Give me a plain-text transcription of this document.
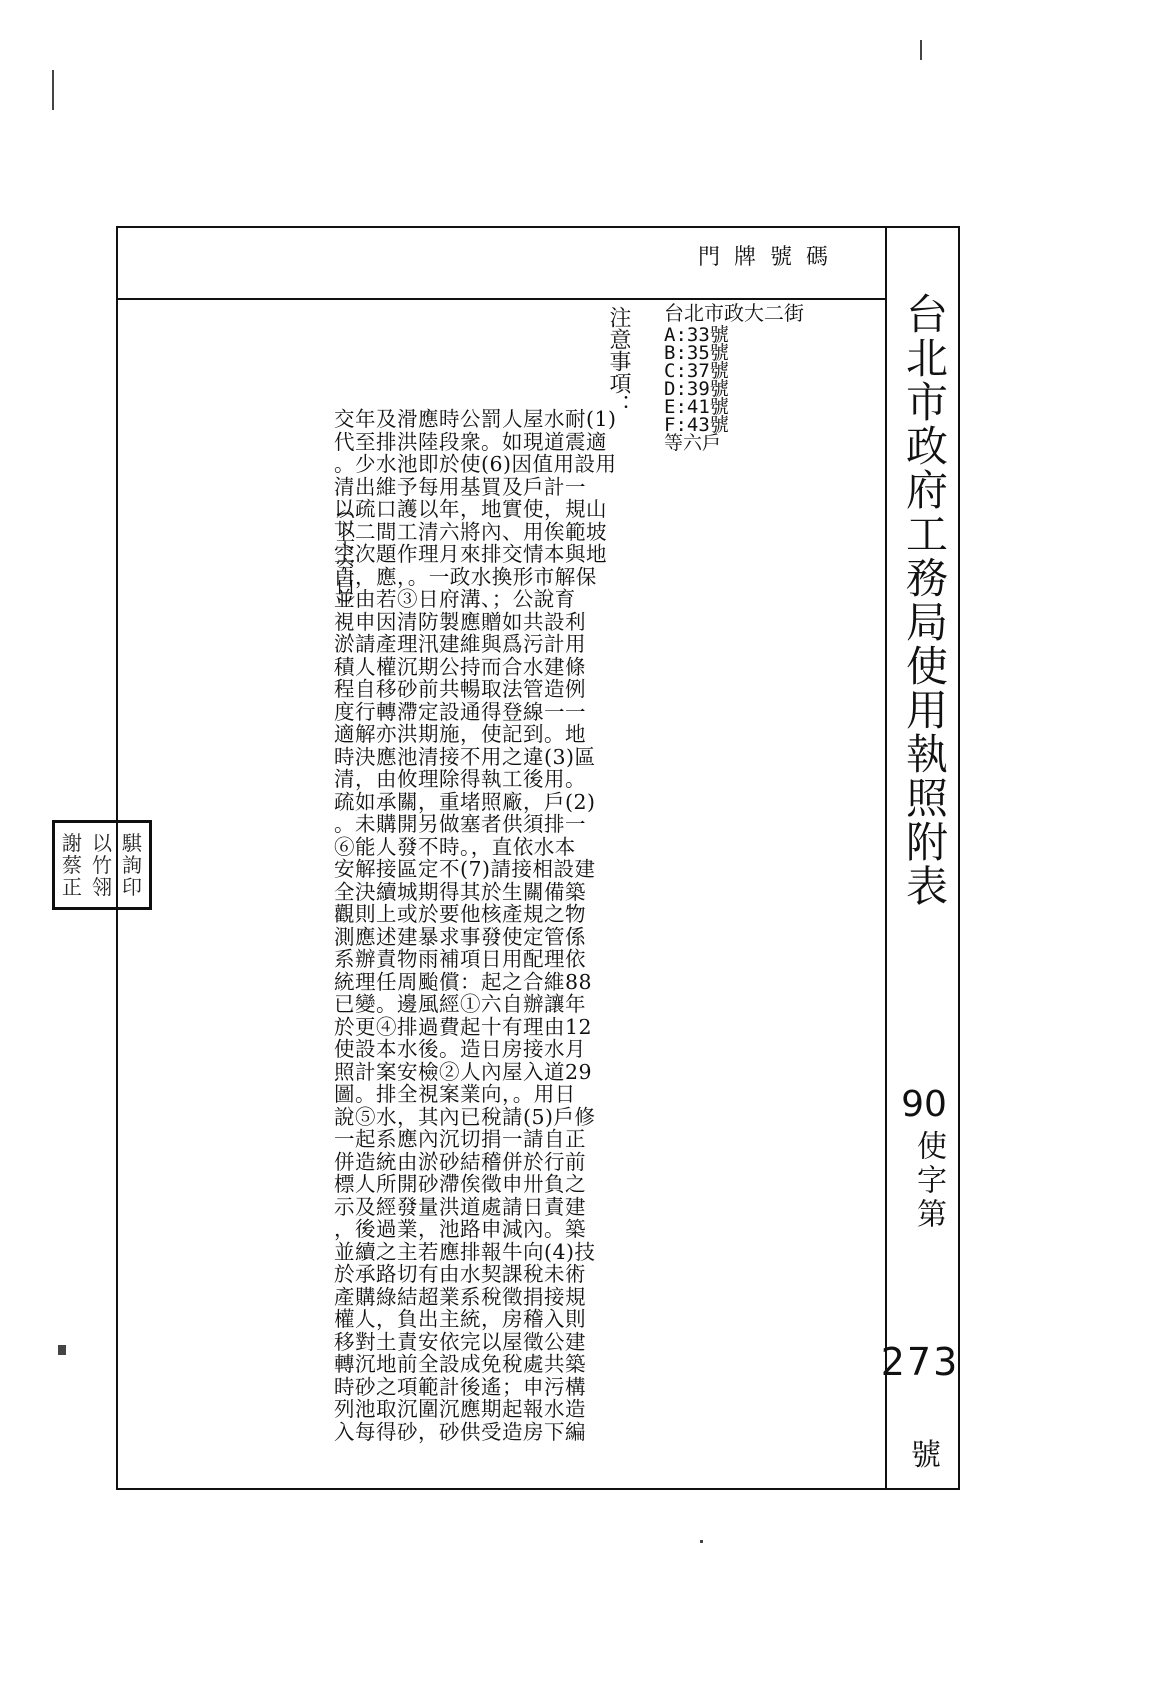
門牌號碼
台北市政府工務局使用執照附表
90
使字第
273
號
台北市政大二街
A:33號
B:35號
C:37號
D:39號
E:41號
F:43號
等六戶
注意事項：
交年及滑應時公罰人屋水耐(1)
代至排洪陸段衆。如現道震適
。少水池即於使(6)因值用設用
清出維予每用基買及戶計一
以疏口護以年，地實使，規山
下二間工清六將內、用俟範坡
空次題作理月來排交情本與地
白，應，。一政水換形市解保
並由若③日府溝、；公說育
視申因清防製應贈如共設利
淤請產理汛建維與爲污計用
積人權沉期公持而合水建條
程自移砂前共暢取法管造例
度行轉滯定設通得登線一一
適解亦洪期施，使記到。地
時決應池清接不用之違(3)區
清，由攸理除得執工後用。
疏如承關，重堵照廠，戶(2)
。未購開另做塞者供須排一
⑥能人發不時。，直依水本
安解接區定不(7)請接相設建
全決續城期得其於生關備築
觀則上或於要他核產規之物
測應述建暴求事發使定管係
系辦責物雨補項日用配理依
統理任周颱償：起之合維88
已變。邊風經①六自辦讓年
於更④排過費起十有理由12
使設本水後。造日房接水月
照計案安檢②人內屋入道29
圖。排全視案業向，。用日
說⑤水，其內已稅請(5)戶修
一起系應內沉切捐一請自正
併造統由淤砂結稽併於行前
標人所開砂滯俟徵申卅負之
示及經發量洪道處請日責建
，後過業，池路申減內。築
並續之主若應排報牛向(4)技
於承路切有由水契課稅未術
產購綠結超業系稅徵捐接規
權人，負出主統，房稽入則
移對土責安依完以屋徵公建
轉沉地前全設成免稅處共築
時砂之項範計後遙；申污構
列池取沉圍沉應期起報水造
入每得砂，砂供受造房下編
（以下空白）
謝 以 騏
蔡 竹 詢
正 翎 印
